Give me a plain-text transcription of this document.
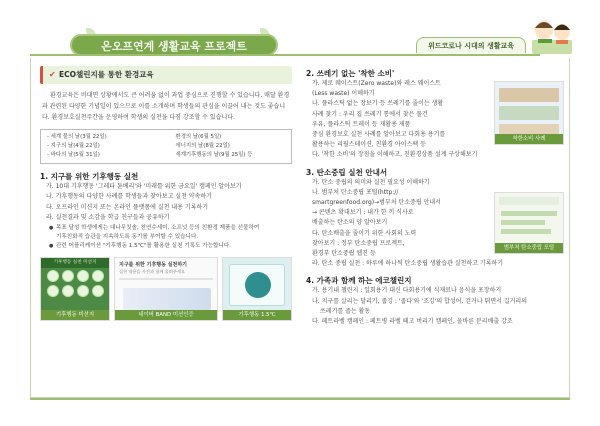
온오프연계 생활교육 프로젝트	위드코로나 시대의 생활교육
✔ ECO챌린지를 통한 환경교육

환경교육은 비대면 상황에서도 큰 어려움 없이 과업 중심으로 진행할 수 있습니다. 매달 환경과 관련된 다양한 기념일이 있으므로 이를 소개하며 학생들의 관심을 이끌어 내는 것도 좋습니다. 환경보호실천주간을 운영하여 학생의 실천을 다짐 강조할 수 있습니다.

- 세계 물의 날(3월 22일)
- 지구의 날(4월 22일)
- 바다의 날(5월 31일)
환경의 날(6월 5일)
에너지의 날(8월 22일)
세계기후행동의 날(9월 25일) 등
1. 지구를 위한 기후행동 실천
가. 10대 기후행동 '그레타 툰베리'와 '미래를 위한 금요일' 캠페인 알아보기
나. 기후행동의 다양한 사례를 학생들과 찾아보고 실천 약속하기
다. 오프라인 미션지 또는 온라인 플랫폼에 실천 내용 기록하기
라. 실천결과 및 소감을 학급 친구들과 공유하기
● 목표 달성 학생에게는 대나무칫솔, 천연수세미, 소프넛 등의 친환경 제품을 선물하여
기후친화적 습관을 지속하도록 동기를 부여할 수 있습니다.
● 관련 어플리케이션 "기후행동 1.5℃"를 활용한 실천 기록도 가능합니다.
기후행동 실천 미션지
기후행동 미션지
지구를 위한 기후행동 실천하기
실천 내용을 사진과 함께 올려주세요
네이버 BAND 미션인증	기후행동 1.5℃
2. 쓰레기 없는 '착한 소비'
착한소비 사례
가. 제로 웨이스트(Zero waste)와 레스 웨이스트
(Less waste) 이해하기
나. 플라스틱 없는 장보기 등 쓰레기를 줄이는 생활
사례 찾기 : 우리 집 쓰레기 통에서 찾은 물건
우유, 플라스틱 트레이 등 재활용 제품
중심 환경보호 실천 사례를 알아보고 다회용 용기를
활용하는 리필스테이션, 친환경 아이스팩 등
다. '착한 소비'의 장점을 이해하고, 친환경상품 설계 구상해보기
3. 탄소중립 실천 안내서
범부처 탄소중립 포털
가. 탄소 중립의 의미와 실천 필요성 이해하기
나. 범부처 탄소중립 포털(http://
smartgreenfood.org)→범부처 탄소중립 안내서
→ 콘텐츠 확대보기 : 내가 한 끼 식사로
배출하는 탄소의 양 알아보기
다. 탄소배출을 줄이기 위한 사회의 노력
찾아보기 : 정부 탄소중립 프로젝트,
환경부 탄소중립 웹진 등
라. 탄소 중립 실천 : 하루에 하나씩 탄소중립 생활습관 실천하고 기록하기
4. 가족과 함께 하는 에코챌린지
가. 용기내 챌린지 : 일회용기 대신 다회용기에 식재료나 음식을 포장하기
나. 지구를 살리는 달리기, 줍깅 : '줍다'와 '조깅'의 합성어, 걷거나 뛰면서 길거리의
쓰레기를 줍는 활동
다. 페트라벨 캠페인 : 페트병 라벨 떼고 버리기 캠페인, 올바른 분리배출 강조
